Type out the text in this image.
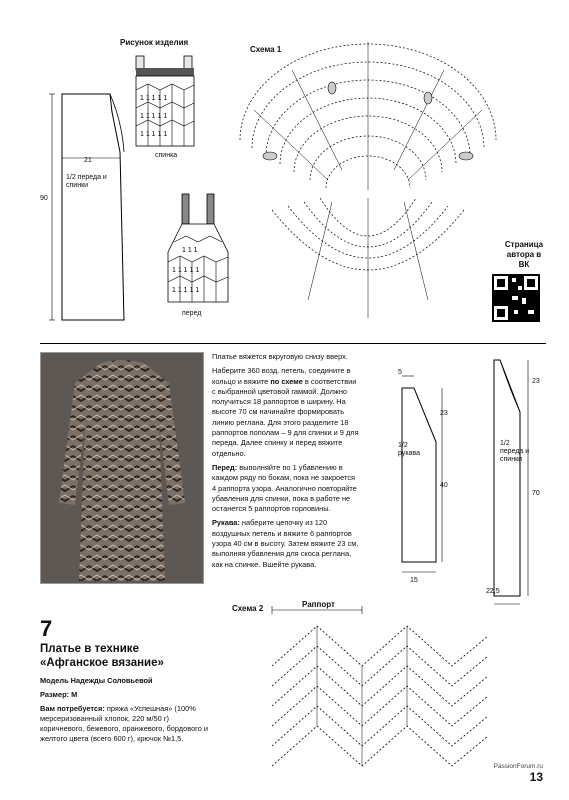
Рисунок изделия
21
90
1/2 переда и спинки
1 1 1 1 1
1 1 1 1 1
1 1 1 1 1
спинка
1 1 1
1 1 1 1 1
1 1 1 1 1
перед
Схема 1
Страница автора в ВК

Платье вяжется вкруговую снизу вверх.

Наберите 360 возд. петель, соедините в кольцо и вяжите по схеме в соответствии с выбранной цветовой гаммой. Должно получиться 18 раппортов в ширину. На высоте 70 см начинайте формировать линию реглана. Для этого разделите 18 раппортов пополам – 9 для спинки и 9 для переда. Далее спинку и перед вяжите отдельно.

Перед: выполняйте по 1 убавлению в каждом ряду по бокам, пока не закроется 4 раппорта узора. Аналогично повторяйте убавления для спинки, пока в работе не останется 5 раппортов горловины.

Рукава: наберите цепочку из 120 воздушных петель и вяжите 6 раппортов узора 40 см в высоту. Затем вяжите 23 см, выполняя убавления для скоса реглана, как на спинке. Вшейте рукава.

5
23
40
15
1/2 рукава
23
70
22,5
1/2 переда и спинки
7
Платье в технике «Афганское вязание»
Модель Надежды Соловьевой
Размер: М
Вам потребуется: пряжа «Успешная» (100% мерсеризованный хлопок, 220 м/50 г) коричневого, бежевого, оранжевого, бордового и желтого цвета (всего 600 г), крючок №1,5.
Схема 2	Раппорт
13
PassionForum.ru
